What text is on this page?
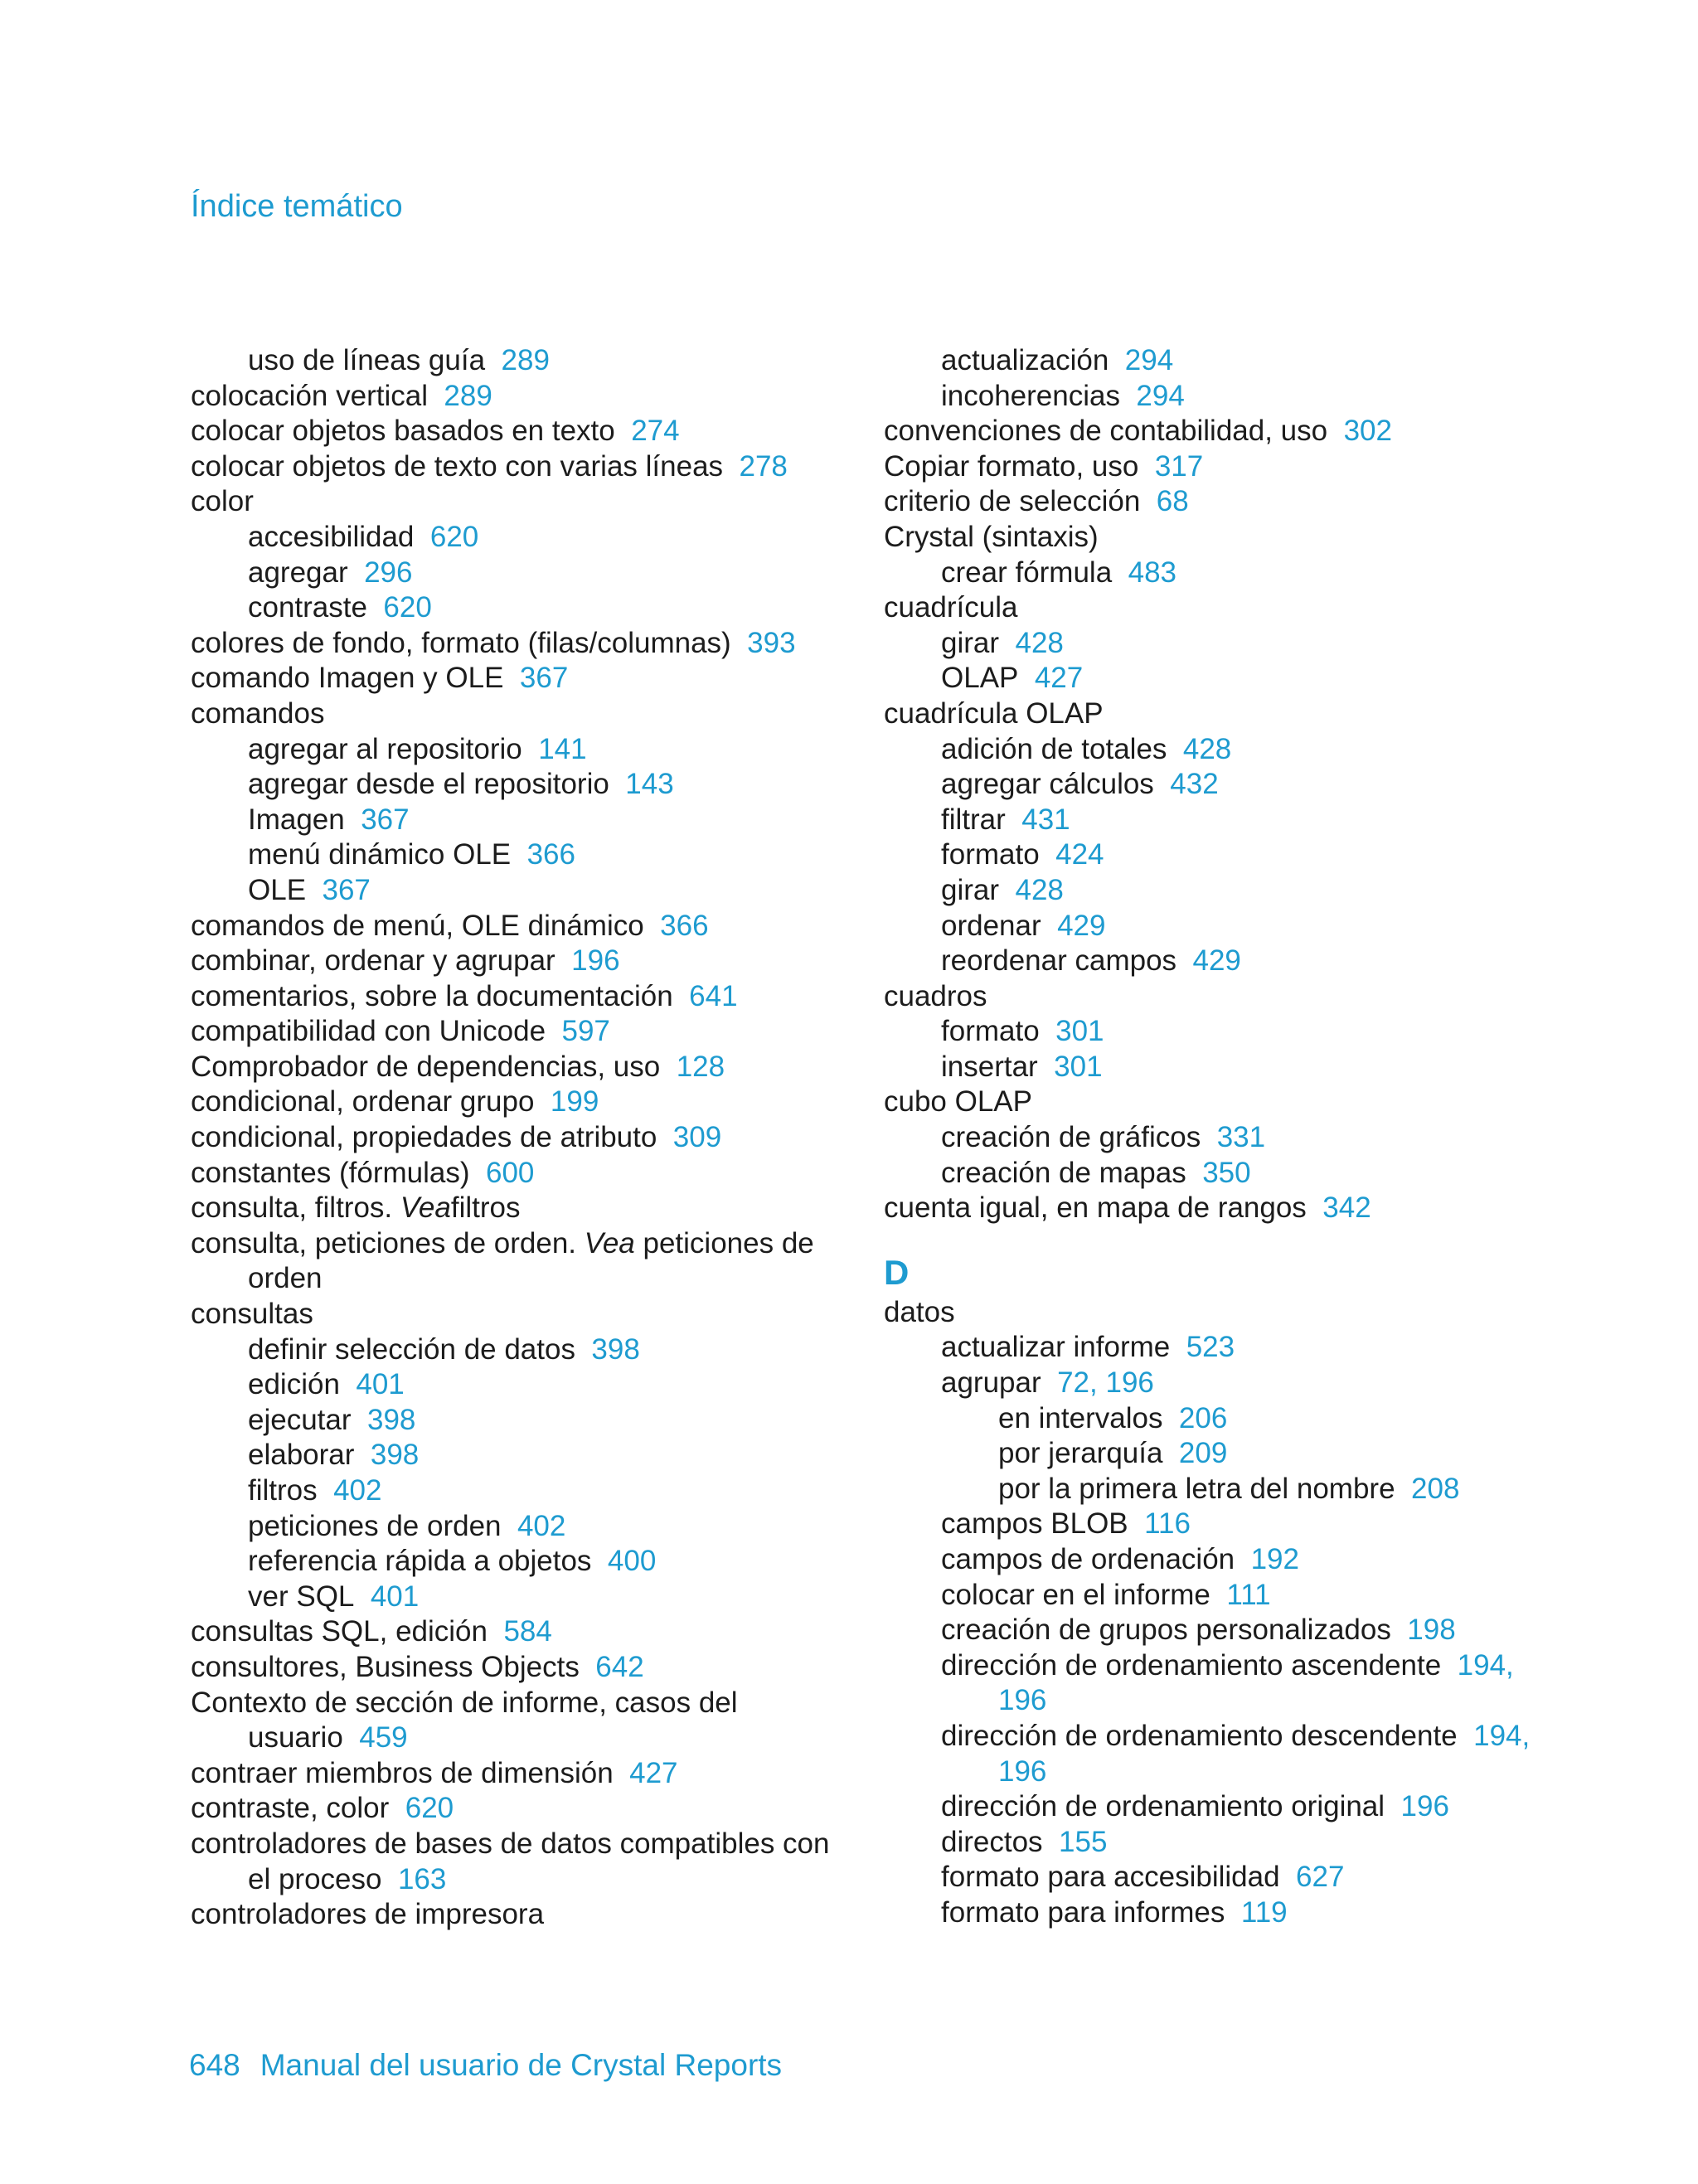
Índice temático
uso de líneas guía 289
colocación vertical 289
colocar objetos basados en texto 274
colocar objetos de texto con varias líneas 278
color
accesibilidad 620
agregar 296
contraste 620
colores de fondo, formato (filas/columnas) 393
comando Imagen y OLE 367
comandos
agregar al repositorio 141
agregar desde el repositorio 143
Imagen 367
menú dinámico OLE 366
OLE 367
comandos de menú, OLE dinámico 366
combinar, ordenar y agrupar 196
comentarios, sobre la documentación 641
compatibilidad con Unicode 597
Comprobador de dependencias, uso 128
condicional, ordenar grupo 199
condicional, propiedades de atributo 309
constantes (fórmulas) 600
consulta, filtros. Veafiltros
consulta, peticiones de orden. Vea peticiones de orden
consultas
definir selección de datos 398
edición 401
ejecutar 398
elaborar 398
filtros 402
peticiones de orden 402
referencia rápida a objetos 400
ver SQL 401
consultas SQL, edición 584
consultores, Business Objects 642
Contexto de sección de informe, casos del usuario 459
contraer miembros de dimensión 427
contraste, color 620
controladores de bases de datos compatibles con el proceso 163
controladores de impresora
actualización 294
incoherencias 294
convenciones de contabilidad, uso 302
Copiar formato, uso 317
criterio de selección 68
Crystal (sintaxis)
crear fórmula 483
cuadrícula
girar 428
OLAP 427
cuadrícula OLAP
adición de totales 428
agregar cálculos 432
filtrar 431
formato 424
girar 428
ordenar 429
reordenar campos 429
cuadros
formato 301
insertar 301
cubo OLAP
creación de gráficos 331
creación de mapas 350
cuenta igual, en mapa de rangos 342
D
datos
actualizar informe 523
agrupar 72, 196
en intervalos 206
por jerarquía 209
por la primera letra del nombre 208
campos BLOB 116
campos de ordenación 192
colocar en el informe 111
creación de grupos personalizados 198
dirección de ordenamiento ascendente 194, 196
dirección de ordenamiento descendente 194, 196
dirección de ordenamiento original 196
directos 155
formato para accesibilidad 627
formato para informes 119
648 Manual del usuario de Crystal Reports
